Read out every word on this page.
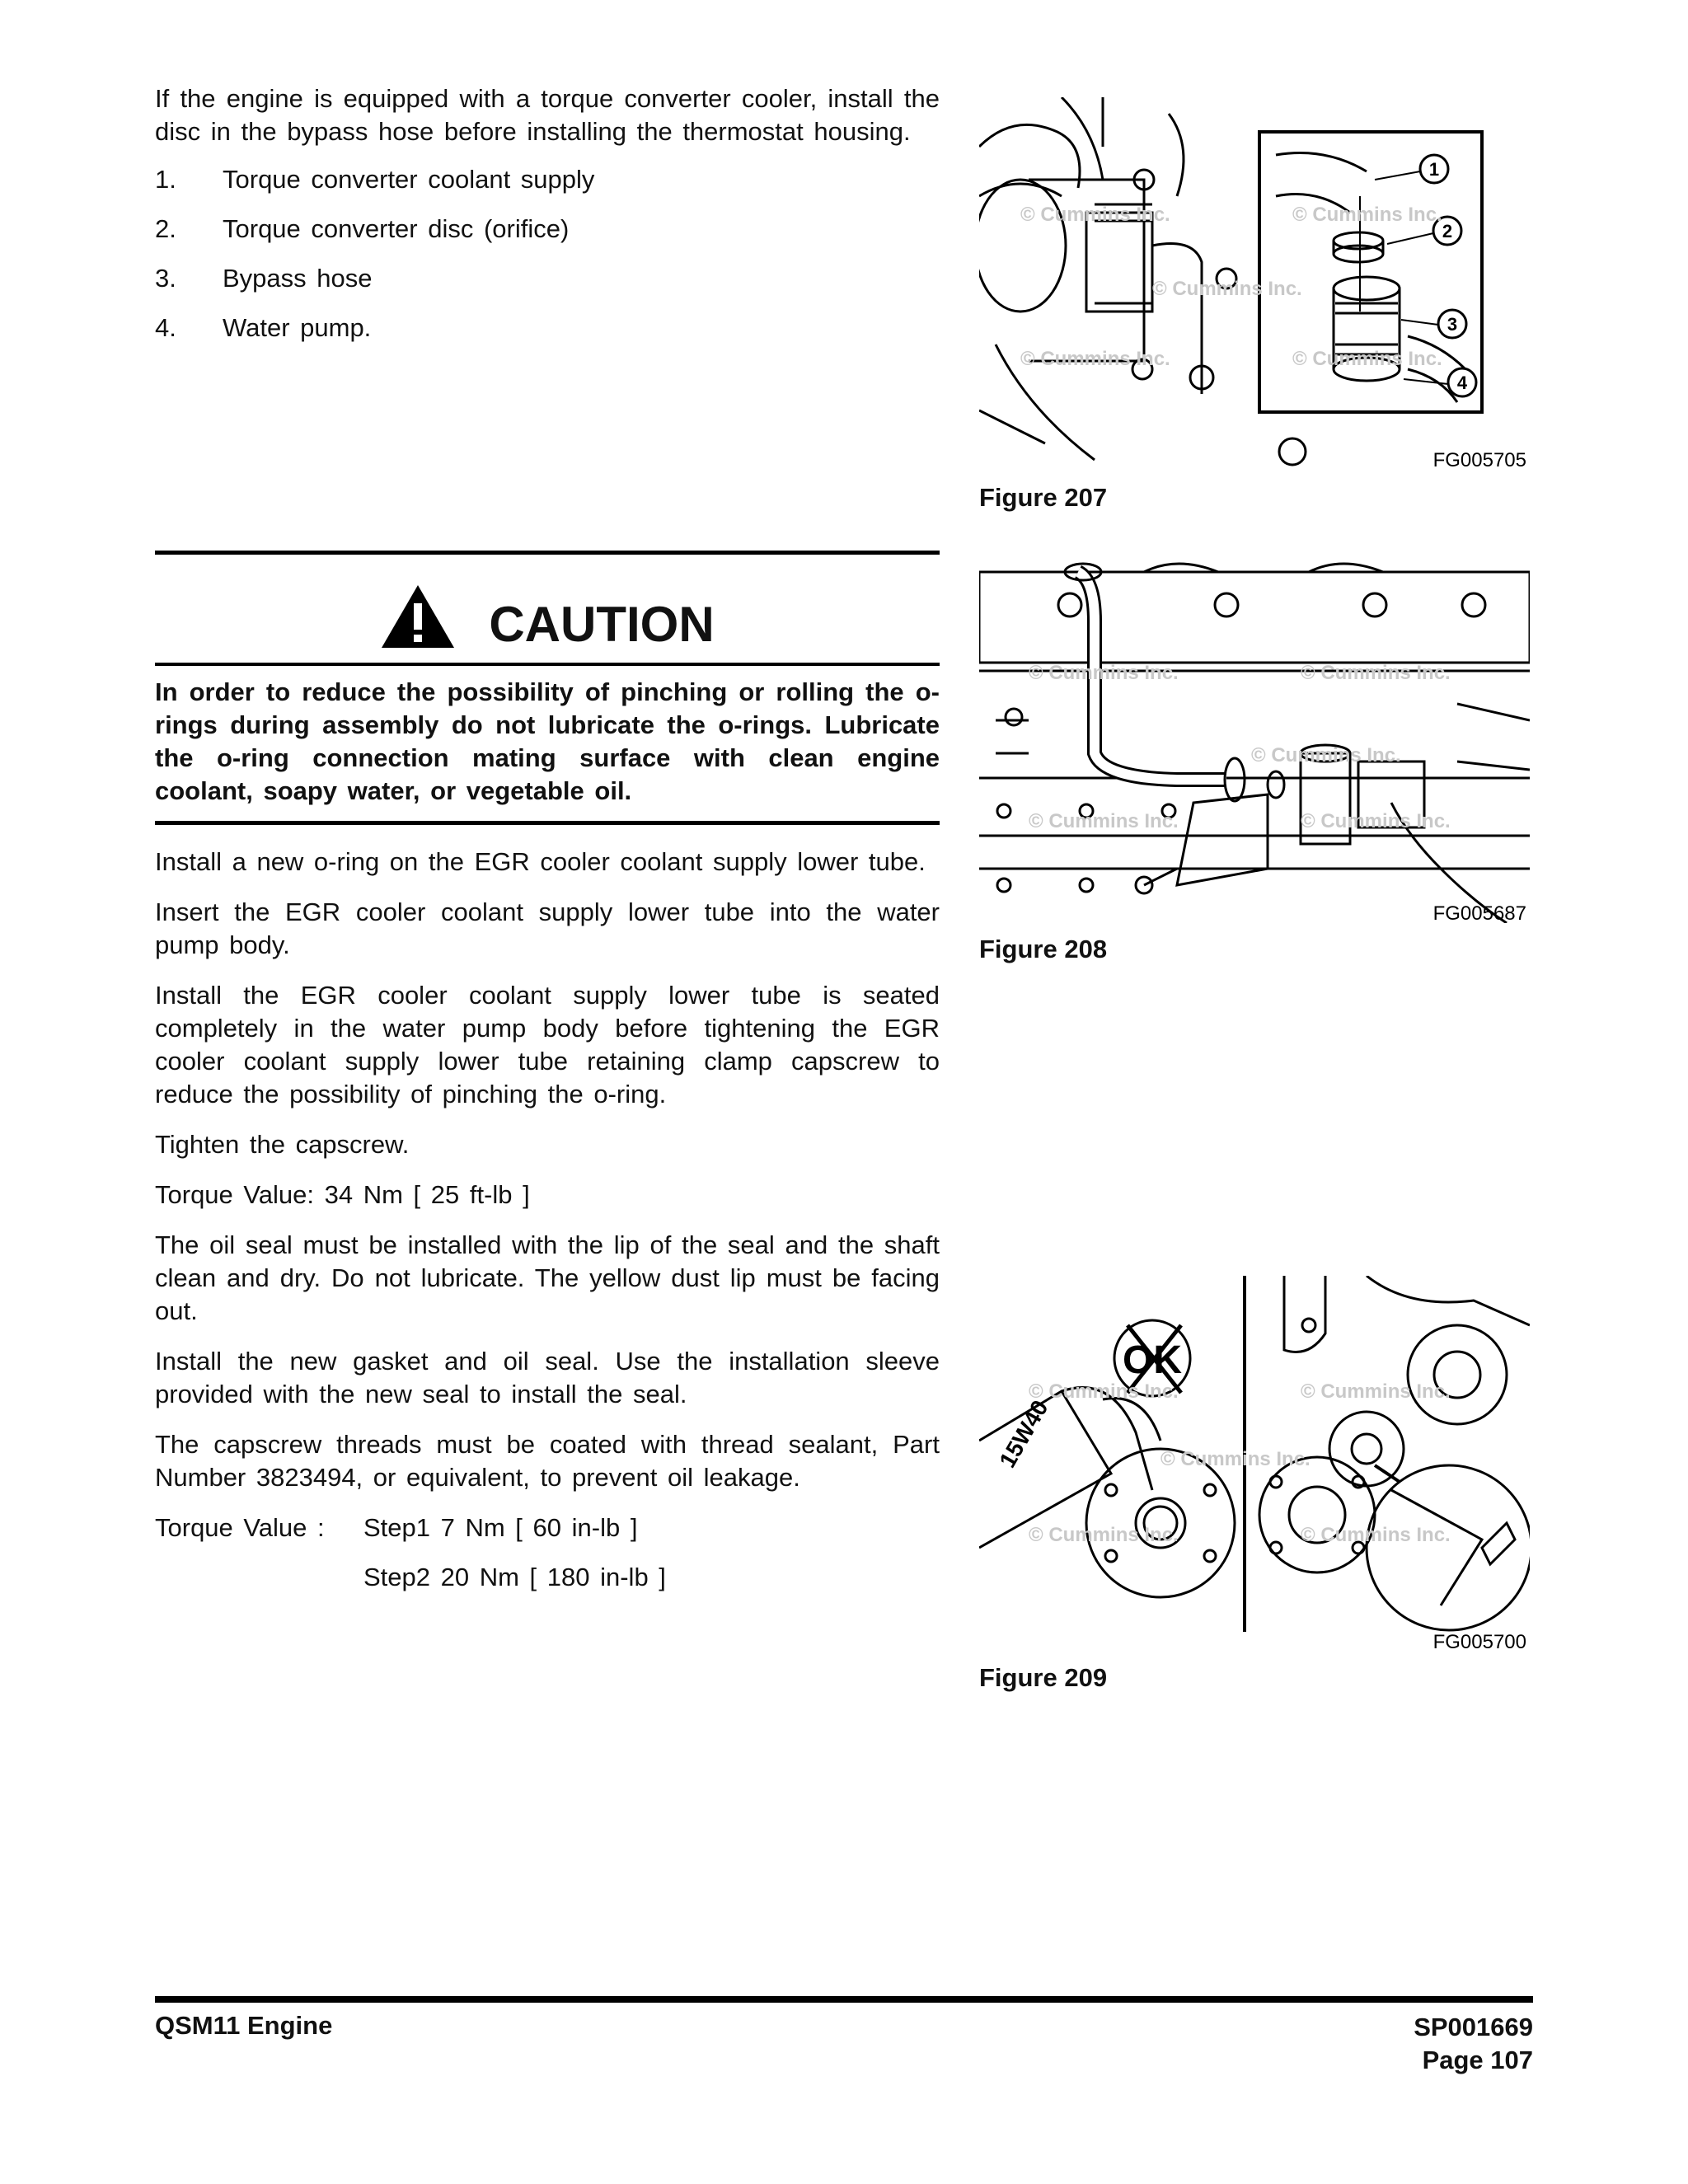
If the engine is equipped with a torque converter cooler, install the disc in the bypass hose before installing the thermostat housing.

1.	Torque converter coolant supply
2.	Torque converter disc (orifice)
3.	Bypass hose
4.	Water pump.
CAUTION
In order to reduce the possibility of pinching or rolling the o-rings during assembly do not lubricate the o-rings. Lubricate the o-ring connection mating surface with clean engine coolant, soapy water, or vegetable oil.

Install a new o-ring on the EGR cooler coolant supply lower tube.

Insert the EGR cooler coolant supply lower tube into the water pump body.

Install the EGR cooler coolant supply lower tube is seated completely in the water pump body before tightening the EGR cooler coolant supply lower tube retaining clamp capscrew to reduce the possibility of pinching the o-ring.

Tighten the capscrew.

Torque Value: 34 Nm [ 25 ft-lb ]

The oil seal must be installed with the lip of the seal and the shaft clean and dry. Do not lubricate. The yellow dust lip must be facing out.

Install the new gasket and oil seal. Use the installation sleeve provided with the new seal to install the seal.

The capscrew threads must be coated with thread sealant, Part Number 3823494, or equivalent, to prevent oil leakage.

Torque Value :	Step1 7 Nm [ 60 in-lb ]
Step2 20 Nm [ 180 in-lb ]
1
2
3
4
© Cummins Inc.	© Cummins Inc.
© Cummins Inc.
© Cummins Inc.	© Cummins Inc.
FG005705
Figure 207
© Cummins Inc.	© Cummins Inc.
© Cummins Inc.
© Cummins Inc.	© Cummins Inc.
FG005687
Figure 208
OK
15W40
© Cummins Inc.	© Cummins Inc.
© Cummins Inc.
© Cummins Inc.	© Cummins Inc.
FG005700
Figure 209
QSM11 Engine	SP001669
Page 107
